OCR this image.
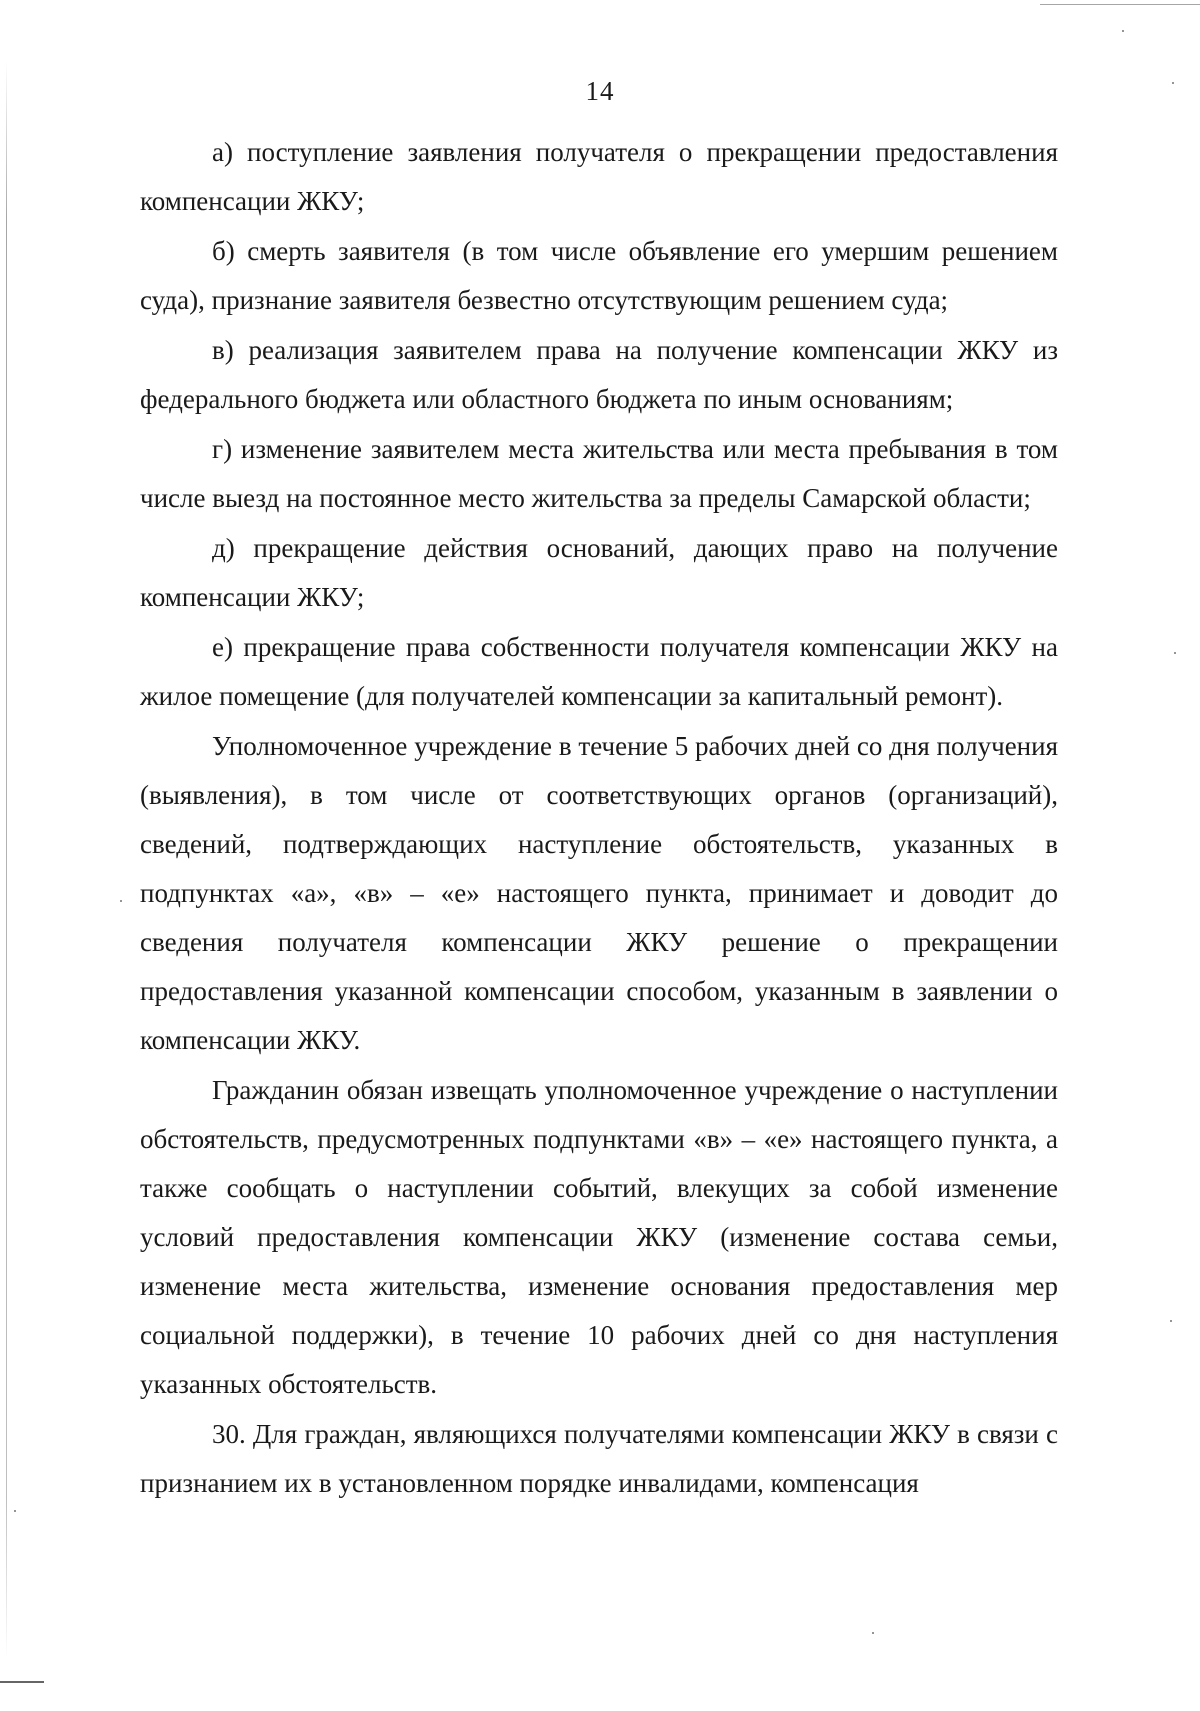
14

а) поступление заявления получателя о прекращении предоставления компенсации ЖКУ;

б) смерть заявителя (в том числе объявление его умершим решением суда), признание заявителя безвестно отсутствующим решением суда;

в) реализация заявителем права на получение компенсации ЖКУ из федерального бюджета или областного бюджета по иным основаниям;

г) изменение заявителем места жительства или места пребывания в том числе выезд на постоянное место жительства за пределы Самарской области;

д) прекращение действия оснований, дающих право на получение компенсации ЖКУ;

е) прекращение права собственности получателя компенсации ЖКУ на жилое помещение (для получателей компенсации за капитальный ремонт).

Уполномоченное учреждение в течение 5 рабочих дней со дня получения (выявления), в том числе от соответствующих органов (организаций), сведений, подтверждающих наступление обстоятельств, указанных в подпунктах «а», «в» – «е» настоящего пункта, принимает и доводит до сведения получателя компенсации ЖКУ решение о прекращении предоставления указанной компенсации способом, указанным в заявлении о компенсации ЖКУ.

Гражданин обязан извещать уполномоченное учреждение о наступлении обстоятельств, предусмотренных подпунктами «в» – «е» настоящего пункта, а также сообщать о наступлении событий, влекущих за собой изменение условий предоставления компенсации ЖКУ (изменение состава семьи, изменение места жительства, изменение основания предоставления мер социальной поддержки), в течение 10 рабочих дней со дня наступления указанных обстоятельств.

30. Для граждан, являющихся получателями компенсации ЖКУ в связи с признанием их в установленном порядке инвалидами, компенсация
